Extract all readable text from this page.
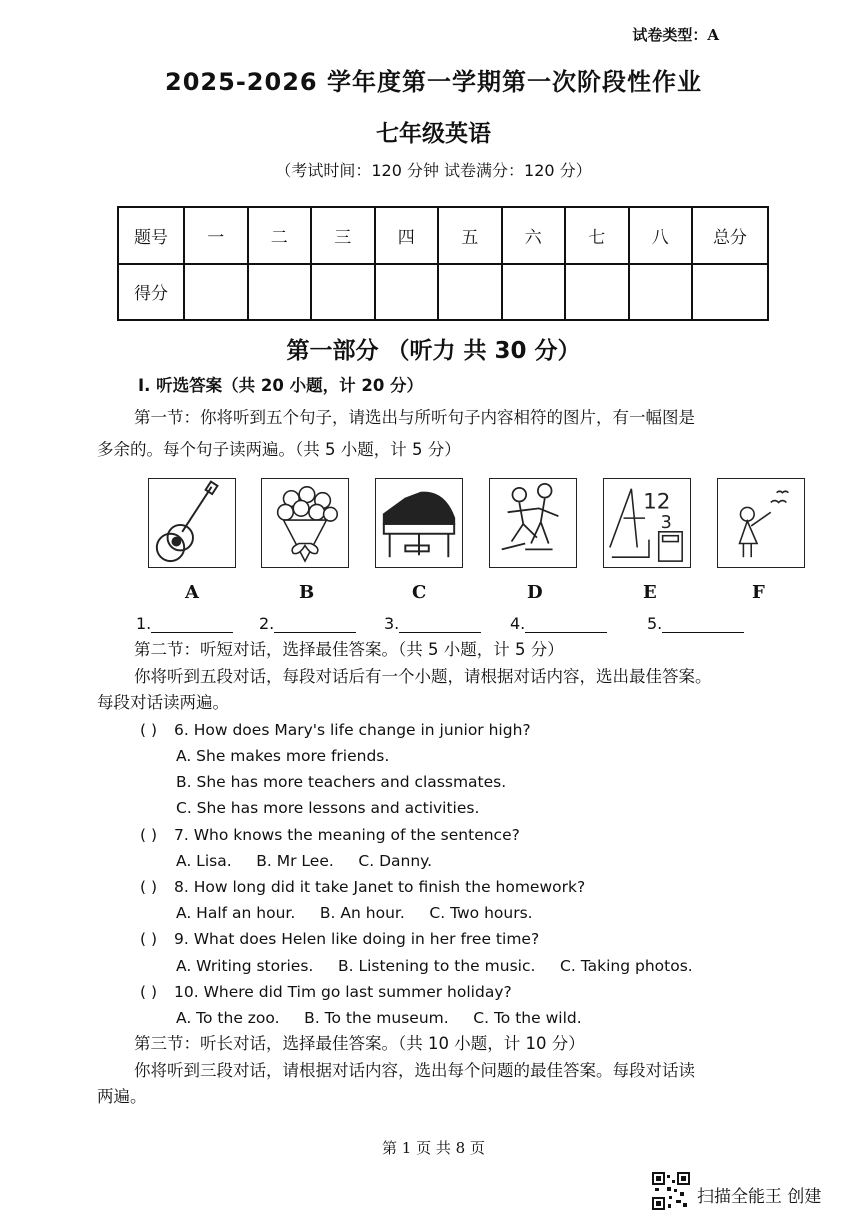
试卷类型：A
2025-2026 学年度第一学期第一次阶段性作业
七年级英语
（考试时间：120 分钟 试卷满分：120 分）
题号	一	二	三	四	五	六	七	八	总分
得分									
第一部分 （听力 共 30 分）
Ⅰ. 听选答案（共 20 小题，计 20 分）
第一节：你将听到五个句子，请选出与所听句子内容相符的图片，有一幅图是
多余的。每个句子读两遍。（共 5 小题，计 5 分）
12
3
A	B	C	D	E	F
1.	2.	3.	4.	5.
第二节：听短对话，选择最佳答案。（共 5 小题，计 5 分）
你将听到五段对话，每段对话后有一个小题，请根据对话内容，选出最佳答案。
每段对话读两遍。
( ) 6. How does Mary's life change in junior high?
A. She makes more friends.
B. She has more teachers and classmates.
C. She has more lessons and activities.
( ) 7. Who knows the meaning of the sentence?
A. Lisa.     B. Mr Lee.     C. Danny.
( ) 8. How long did it take Janet to finish the homework?
A. Half an hour.     B. An hour.     C. Two hours.
( ) 9. What does Helen like doing in her free time?
A. Writing stories.     B. Listening to the music.     C. Taking photos.
( ) 10. Where did Tim go last summer holiday?
A. To the zoo.     B. To the museum.     C. To the wild.
第三节：听长对话，选择最佳答案。（共 10 小题，计 10 分）
你将听到三段对话，请根据对话内容，选出每个问题的最佳答案。每段对话读
两遍。
第 1 页 共 8 页
扫描全能王 创建
